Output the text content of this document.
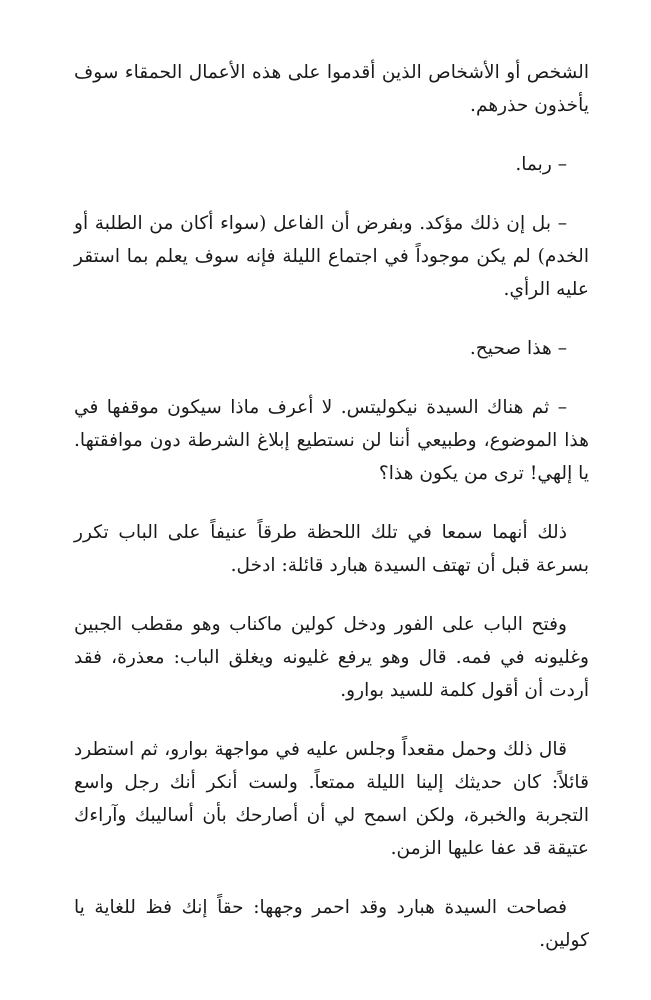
الشخص أو الأشخاص الذين أقدموا على هذه الأعمال الحمقاء سوف يأخذون حذرهم.

– ربما.

– بل إن ذلك مؤكد. وبفرض أن الفاعل (سواء أكان من الطلبة أو الخدم) لم يكن موجوداً في اجتماع الليلة فإنه سوف يعلم بما استقر عليه الرأي.

– هذا صحيح.

– ثم هناك السيدة نيكوليتس. لا أعرف ماذا سيكون موقفها في هذا الموضوع، وطبيعي أننا لن نستطيع إبلاغ الشرطة دون موافقتها. يا إلهي! ترى من يكون هذا؟

ذلك أنهما سمعا في تلك اللحظة طرقاً عنيفاً على الباب تكرر بسرعة قبل أن تهتف السيدة هبارد قائلة: ادخل.

وفتح الباب على الفور ودخل كولين ماكناب وهو مقطب الجبين وغليونه في فمه. قال وهو يرفع غليونه ويغلق الباب: معذرة، فقد أردت أن أقول كلمة للسيد بوارو.

قال ذلك وحمل مقعداً وجلس عليه في مواجهة بوارو، ثم استطرد قائلاً: كان حديثك إلينا الليلة ممتعاً. ولست أنكر أنك رجل واسع التجربة والخبرة، ولكن اسمح لي أن أصارحك بأن أساليبك وآراءك عتيقة قد عفا عليها الزمن.

فصاحت السيدة هبارد وقد احمر وجهها: حقاً إنك فظ للغاية يا كولين.
